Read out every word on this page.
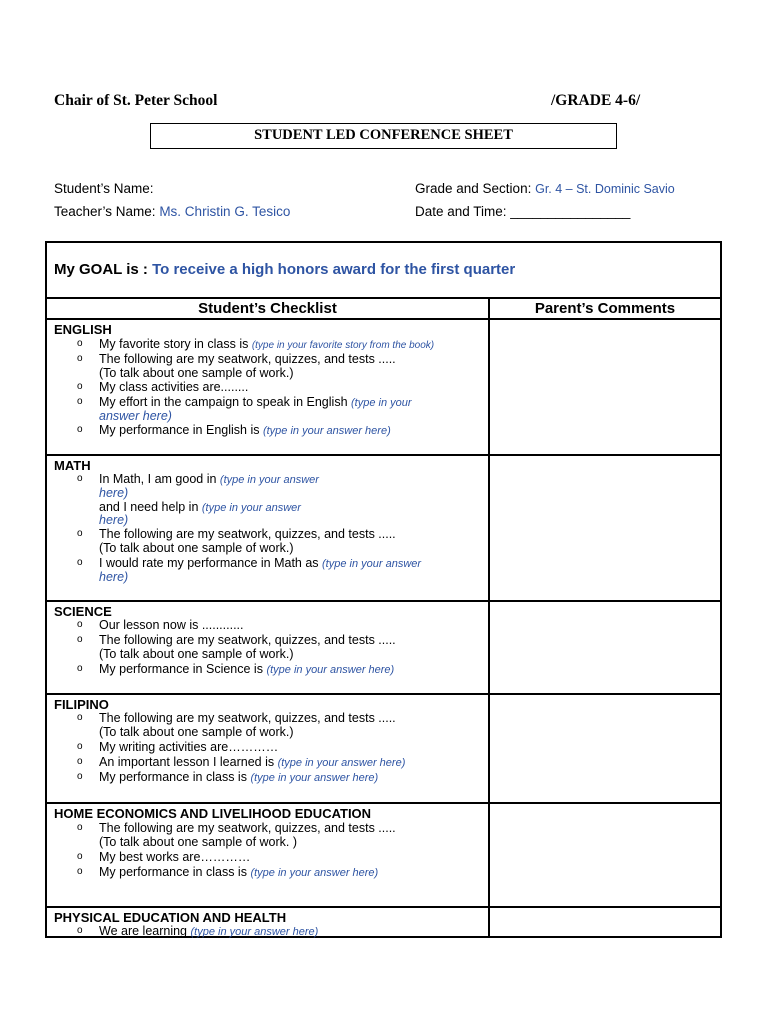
Chair of St. Peter School	/GRADE 4-6/
STUDENT LED CONFERENCE SHEET
Student’s Name:	Grade and Section: Gr. 4 – St. Dominic Savio
Teacher’s Name: Ms. Christin G. Tesico	Date and Time: ________________
My GOAL is : To receive a high honors award for the first quarter
Student’s Checklist	Parent’s Comments
ENGLISH
o My favorite story in class is (type in your favorite story from the book)
o The following are my seatwork, quizzes, and tests .....
(To talk about one sample of work.)
o My class activities are........
o My effort in the campaign to speak in English (type in your
answer here)
o My performance in English is (type in your answer here)
MATH
o In Math, I am good in (type in your answer
here)
and I need help in (type in your answer
here)
o The following are my seatwork, quizzes, and tests .....
(To talk about one sample of work.)
o I would rate my performance in Math as (type in your answer
here)
SCIENCE
o Our lesson now is ............
o The following are my seatwork, quizzes, and tests .....
(To talk about one sample of work.)
o My performance in Science is (type in your answer here)
FILIPINO
o The following are my seatwork, quizzes, and tests .....
(To talk about one sample of work.)
o My writing activities are…………
o An important lesson I learned is (type in your answer here)
o My performance in class is (type in your answer here)
HOME ECONOMICS AND LIVELIHOOD EDUCATION
o The following are my seatwork, quizzes, and tests .....
(To talk about one sample of work. )
o My best works are…………
o My performance in class is (type in your answer here)
PHYSICAL EDUCATION AND HEALTH
o We are learning (type in your answer here)
